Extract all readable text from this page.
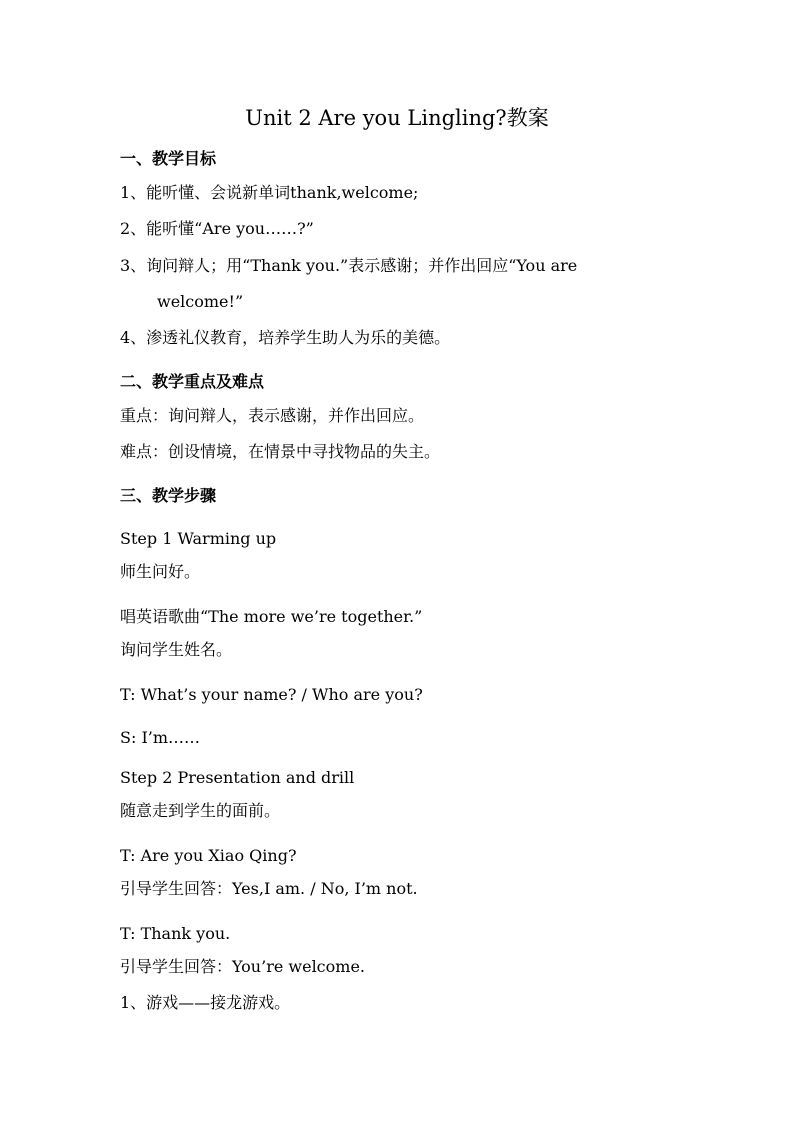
Unit 2 Are you Lingling?教案
一、教学目标
1、能听懂、会说新单词thank,welcome;
2、能听懂“Are you……?”
3、询问辩人；用“Thank you.”表示感谢；并作出回应“You are
welcome!”
4、渗透礼仪教育，培养学生助人为乐的美德。
二、教学重点及难点
重点：询问辩人，表示感谢，并作出回应。
难点：创设情境，在情景中寻找物品的失主。
三、教学步骤
Step 1 Warming up
师生问好。
唱英语歌曲“The more we’re together.”
询问学生姓名。
T: What’s your name? / Who are you?
S: I’m……
Step 2 Presentation and drill
随意走到学生的面前。
T: Are you Xiao Qing?
引导学生回答：Yes,I am. / No, I’m not.
T: Thank you.
引导学生回答：You’re welcome.
1、游戏——接龙游戏。
